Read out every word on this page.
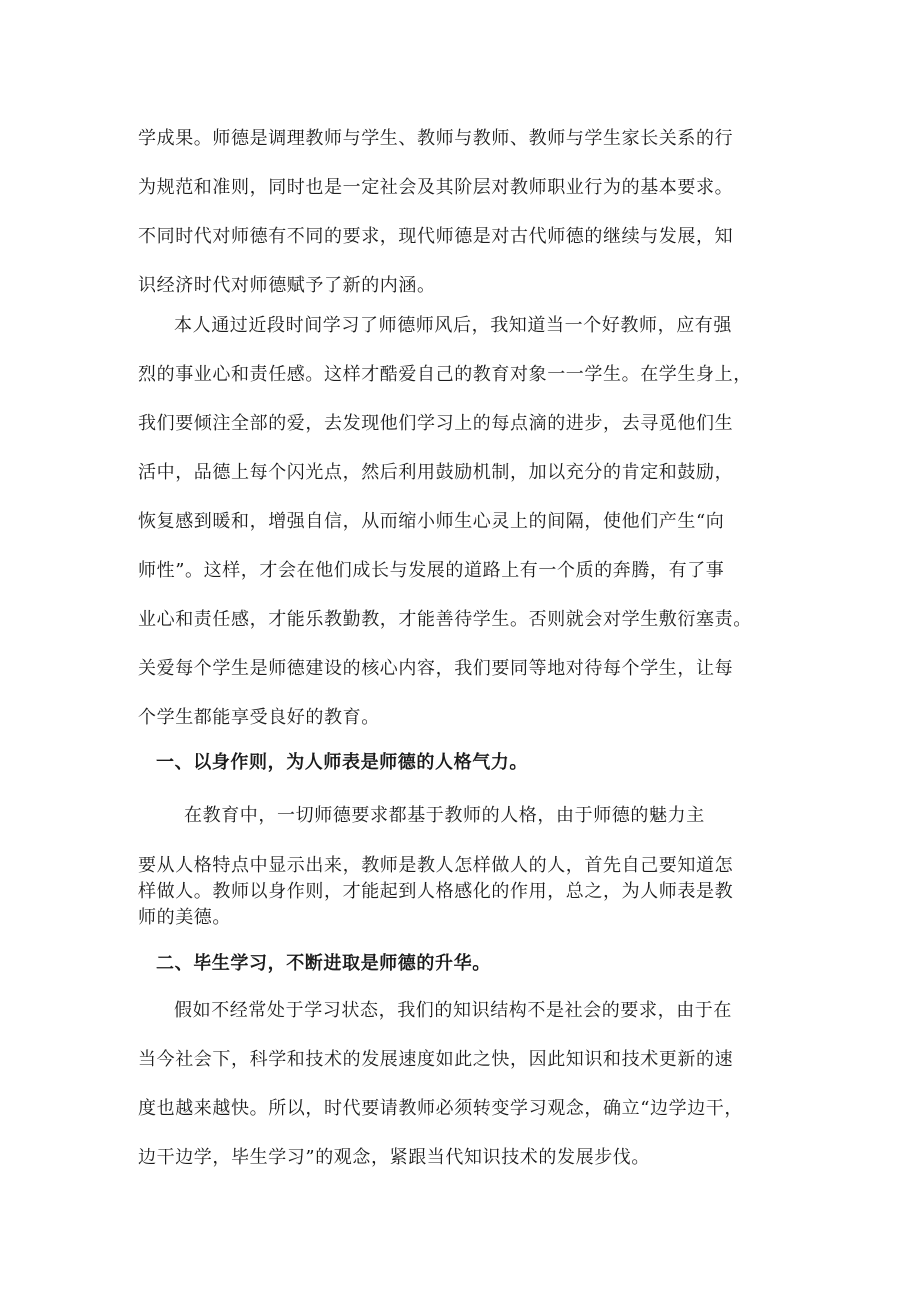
学成果。师德是调理教师与学生、教师与教师、教师与学生家长关系的行
为规范和准则，同时也是一定社会及其阶层对教师职业行为的基本要求。
不同时代对师德有不同的要求，现代师德是对古代师德的继续与发展，知
识经济时代对师德赋予了新的内涵。
本人通过近段时间学习了师德师风后，我知道当一个好教师，应有强
烈的事业心和责任感。这样才酷爱自己的教育对象一一学生。在学生身上，
我们要倾注全部的爱，去发现他们学习上的每点滴的进步，去寻觅他们生
活中，品德上每个闪光点，然后利用鼓励机制，加以充分的肯定和鼓励，
恢复感到暖和，增强自信，从而缩小师生心灵上的间隔，使他们产生“向
师性”。这样，才会在他们成长与发展的道路上有一个质的奔腾，有了事
业心和责任感，才能乐教勤教，才能善待学生。否则就会对学生敷衍塞责。
关爱每个学生是师德建设的核心内容，我们要同等地对待每个学生，让每
个学生都能享受良好的教育。
一、以身作则，为人师表是师德的人格气力。
在教育中，一切师德要求都基于教师的人格，由于师德的魅力主
要从人格特点中显示出来，教师是教人怎样做人的人，首先自己要知道怎
样做人。教师以身作则，才能起到人格感化的作用，总之，为人师表是教
师的美德。
二、毕生学习，不断进取是师德的升华。
假如不经常处于学习状态，我们的知识结构不是社会的要求，由于在
当今社会下，科学和技术的发展速度如此之快，因此知识和技术更新的速
度也越来越快。所以，时代要请教师必须转变学习观念，确立“边学边干，
边干边学，毕生学习”的观念，紧跟当代知识技术的发展步伐。
